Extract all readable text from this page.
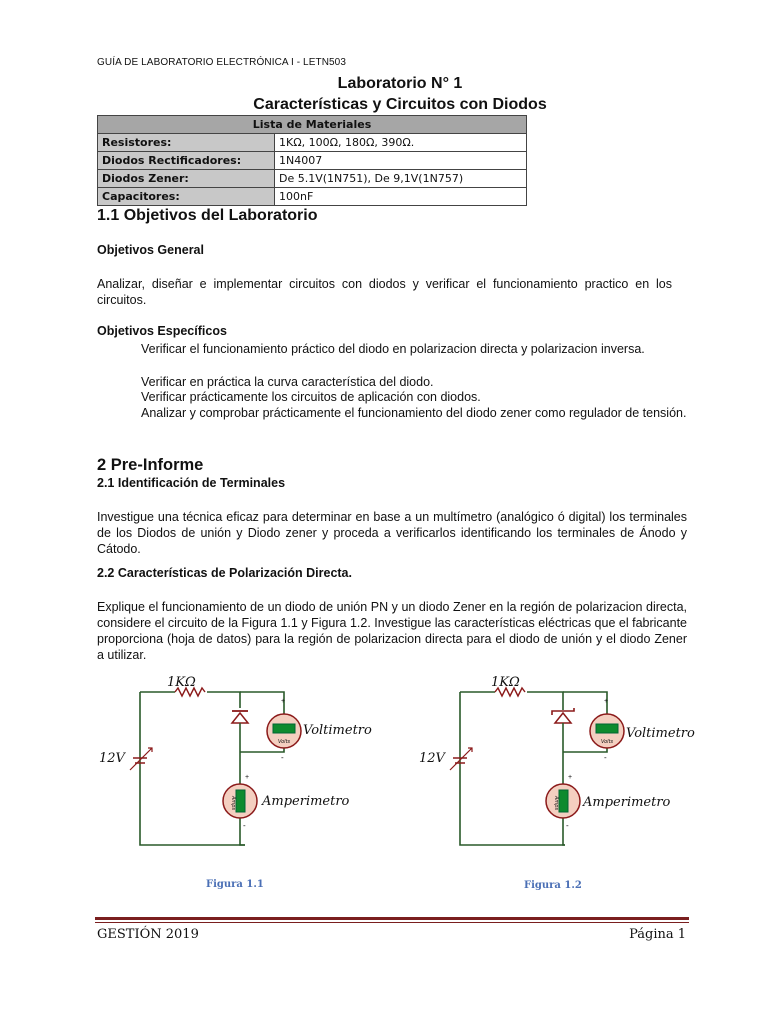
GUÍA DE LABORATORIO ELECTRÓNICA I - LETN503
Laboratorio N° 1
Características y Circuitos con Diodos
Lista de Materiales	
Resistores:	1KΩ, 100Ω, 180Ω, 390Ω.
Diodos Rectificadores:	1N4007
Diodos Zener:	De 5.1V(1N751), De 9,1V(1N757)
Capacitores:	100nF
1.1 Objetivos del Laboratorio
Objetivos General
Analizar, diseñar e implementar circuitos con diodos y verificar el funcionamiento practico en los circuitos.
Objetivos Específicos
Verificar el funcionamiento práctico del diodo en polarizacion directa y polarizacion inversa.
Verificar en práctica la curva característica del diodo.
Verificar prácticamente los circuitos de aplicación con diodos.
Analizar y comprobar prácticamente el funcionamiento del diodo zener como regulador de tensión.
2 Pre-Informe
2.1 Identificación de Terminales
Investigue una técnica eficaz para determinar en base a un multímetro (analógico ó digital) los terminales de los Diodos de unión y Diodo zener y proceda a verificarlos identificando los terminales de Ánodo y Cátodo.
2.2 Características de Polarización Directa.
Explique el funcionamiento de un diodo de unión PN y un diodo Zener en la región de polarizacion directa, considere el circuito de la Figura 1.1 y Figura 1.2. Investigue las características eléctricas que el fabricante proporciona (hoja de datos) para la región de polarizacion directa para el diodo de unión y el diodo Zener a utilizar.
Volts
Amps
+
-
+
-
1KΩ
12V
Voltimetro
Amperimetro
Figura 1.1
Volts
Amps
+
-
+
-
1KΩ
12V
Voltimetro
Amperimetro
Figura 1.2
GESTIÓN 2019	Página 1
